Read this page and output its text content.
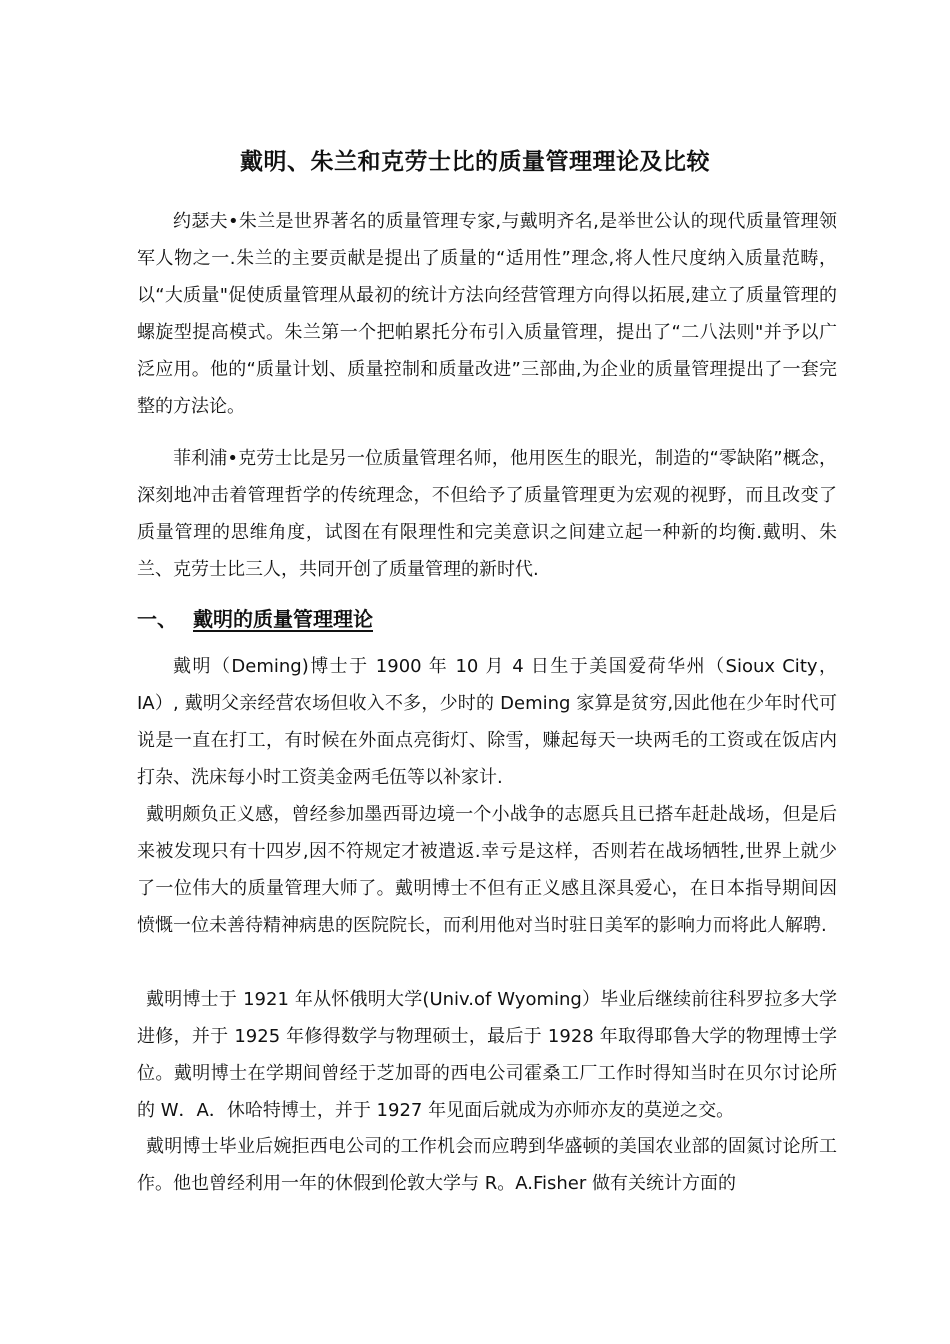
戴明、朱兰和克劳士比的质量管理理论及比较

约瑟夫•朱兰是世界著名的质量管理专家,与戴明齐名,是举世公认的现代质量管理领军人物之一.朱兰的主要贡献是提出了质量的“适用性”理念,将人性尺度纳入质量范畴，以“大质量"促使质量管理从最初的统计方法向经营管理方向得以拓展,建立了质量管理的螺旋型提高模式。朱兰第一个把帕累托分布引入质量管理，提出了“二八法则"并予以广泛应用。他的“质量计划、质量控制和质量改进”三部曲,为企业的质量管理提出了一套完整的方法论。

菲利浦•克劳士比是另一位质量管理名师，他用医生的眼光，制造的“零缺陷”概念，深刻地冲击着管理哲学的传统理念，不但给予了质量管理更为宏观的视野，而且改变了质量管理的思维角度，试图在有限理性和完美意识之间建立起一种新的均衡.戴明、朱兰、克劳士比三人，共同开创了质量管理的新时代.

一、 戴明的质量管理理论

戴明（Deming)博士于 1900 年 10 月 4 日生于美国爱荷华州（Sioux City，IA）, 戴明父亲经营农场但收入不多，少时的 Deming 家算是贫穷,因此他在少年时代可说是一直在打工，有时候在外面点亮街灯、除雪，赚起每天一块两毛的工资或在饭店内打杂、洗床每小时工资美金两毛伍等以补家计.

戴明颇负正义感，曾经参加墨西哥边境一个小战争的志愿兵且已搭车赶赴战场，但是后来被发现只有十四岁,因不符规定才被遣返.幸亏是这样，否则若在战场牺牲,世界上就少了一位伟大的质量管理大师了。戴明博士不但有正义感且深具爱心，在日本指导期间因愤慨一位未善待精神病患的医院院长，而利用他对当时驻日美军的影响力而将此人解聘.

戴明博士于 1921 年从怀俄明大学(Univ.of Wyoming）毕业后继续前往科罗拉多大学进修，并于 1925 年修得数学与物理硕士，最后于 1928 年取得耶鲁大学的物理博士学位。戴明博士在学期间曾经于芝加哥的西电公司霍桑工厂工作时得知当时在贝尔讨论所的 W．A．休哈特博士，并于 1927 年见面后就成为亦师亦友的莫逆之交。

戴明博士毕业后婉拒西电公司的工作机会而应聘到华盛顿的美国农业部的固氮讨论所工作。他也曾经利用一年的休假到伦敦大学与 R。A.Fisher 做有关统计方面的
